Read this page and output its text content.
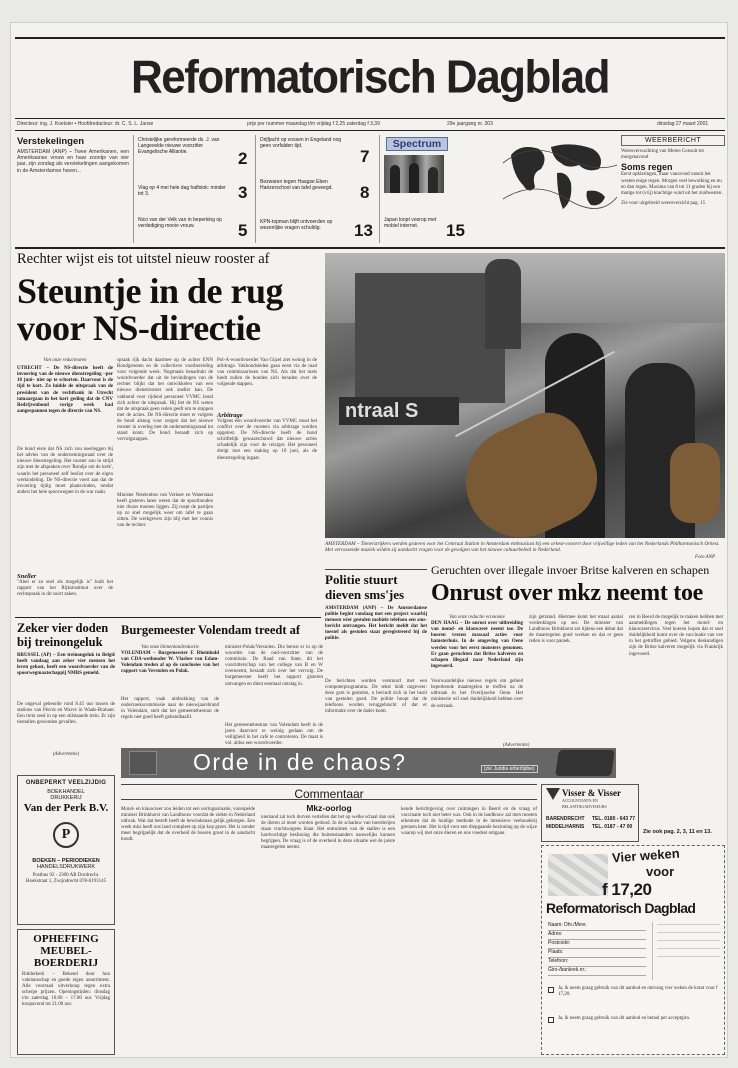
Reformatorisch Dagblad
Directeur: ing. J. Koetsier • Hoofdredacteur: dr. C. S. L. Janse	prijs per nummer maandag t/m vrijdag f 2,25 zaterdag f 3,39	29e jaargang nr. 303	dinsdag 27 maart 2001
Verstekelingen
AMSTERDAM (ANP) – Twee Amerikanen, een Amerikaanse vrouw en haar zoontje van vier jaar, zijn zondag als verstekelingen aangekomen in de Amsterdamse haven...
Christelijke gereformeerde ds. J. van Langevelde nieuwe voorzitter Evangelische Alliantie.	2
Vlag op 4 mei hele dag halfstok: minder tot 3.	3
Nico van der Velk van in beperking op verdediging mooie vrouw.	5
Drijfjacht op vossen in Engeland nog geen vorfalden tijd.
7
Bezwaren tegen Haagse Eben Haëzerschool van tafel geveegd.	8
KPN-topman blijft ontvoerden op wezenlijke vragen schuldig.	13
Spectrum
Japan loopt voorop met mobiel internet.	15
WEERBERICHT
Weersverwachting van Meteo Consult tot morgenavond
Soms regen
Eerst opklaringen, maar vanavond vanuit het westen enige regen. Morgen veel bewolking en nu en dan regen. Maxima van 8 tot 11 graden bij een matige tot (vrij) krachtige wind uit het zuidwesten.
Zie voor uitgebreid weeroverzicht pag. 15
Rechter wijst eis tot uitstel nieuw rooster af
Steuntje in de rug voor NS-directie
Van onze redacteuren
UTRECHT – De NS-directie heeft de invoering van de nieuwe dienstregeling –per 10 juni– niet op te schorten. Daarvoor is de tijd te kort. Zo luidde de uitspraak van de president van de rechtbank in Utrecht tamaargaan in het kort geding dat de CNV Bedrijvenbond vorige week had aangespannen tegen de directie van NS.
De bond eiste dat NS zich zou neerleggen bij het advies van de ondernemingsraad over de nieuwe dienstregeling. Het rooster zou in strijd zijn met de afspraken over 'Rondje om de kerk', waarin het personeel zelf beslist over de eigen werkindeling. De NS-directie voert aan dat de invoering tijdig moet plaatsvinden, omdat anders het hele spoorwegnet in de war raakt.
Sneller
"Abel er zo snel als mogelijk is" luidt het rapport van het Rijksinstituut over de rechtspraak in dit soort zaken.
spraak rijk dacht daarmee op de achter ENN Bondgenoten en de collectieve voorbereiding voor volgende week. Nogmaals benadrukt de woordvoerder dat uit de bevindingen van de rechter blijkt dat het ontwikkelen van een nieuwe dienstrooster ook sneller kan. De vakbond voor rijdend personeel VVMC bond zich achter de uitspraak. Hij liet de NS weten dat de uitspraak geen reden geeft om te stoppen met de acties. De NS-directie moet er volgens de bond alsnog voor zorgen dat het nieuwe rooster in overleg met de ondernemingsraad tot stand komt. De bond beraadt zich op vervolgstappen.
Minister Netelenbos van Verkeer en Waterstaat heeft gisteren laten weten dat de spoorbonden niet dwars moeten liggen. Zij roept de partijen op zo snel mogelijk weer om tafel te gaan zitten. De werkgevers zijn blij met het vonnis van de rechter.
Pol-A-woordvoerder Van Gijzel ziet weinig in de arbitrage. Vakbondsleden gaan eerst via de raad van commissarissen van NS. Als dat het niets biedt zullen de bonden zich beraden over de volgende stappen.
Arbitrage
Volgens een woordvoerder van VVMC moet het conflict over de roosters via arbitrage worden opgelost. De NS-directie heeft de bond schriftelijk gewaarschuwd dat nieuwe acties schadelijk zijn voor de reiziger. Het personeel dreigt met een staking op 10 juni, als de dienstregeling ingaat.
ntraal S
AMSTERDAM – Tienerstrijkers werden gisteren voor het Centraal Station in Amsterdam enthousiast bij een orkest-concert door vrijwillige leden van het Nederlands Philharmonisch Orkest. Met verrassende muziek wilden zij aandacht vragen voor de gevolgen van het nieuwe cultuurbeleid in Nederland.
Foto ANP
Politie stuurt dieven sms'jes
AMSTERDAM (ANP) – De Amsterdamse politie begint vandaag met een project waarbij mensen wier gestolen mobiele telefoon een sms-bericht ontvangen. Het bericht meldt dat het toestel als gestolen staat geregistreerd bij de politie.
De berichten worden verstuurd met een computerprogramma. De tekst luidt ongeveer: deze gsm is gestolen, u bevindt zich in het bezit van gestolen goed. De politie hoopt dat de telefoons worden teruggebracht of dat er informatie over de dader komt.
Geruchten over illegale invoer Britse kalveren en schapen
Onrust over mkz neemt toe
Van onze redactie economie
DEN HAAG – De onrust over uitbreiding van mond- en klauwzeer neemt toe. De boeren vrezen massaal acties voor hamsterhuis. In de omgeving van Oene werden voor het eerst monsters genomen. Er gaan geruchten dat Britse kalveren en schapen illegaal naar Nederland zijn ingevoerd.
Voorwaardelijke nieuwe regels om gebied beperkende maatregelen te treffen na de uitbraak in het Overijsselse Oene. Het ministerie wil snel duidelijkheid hebben over de oorzaak.
zijn getraind. Hiermee komt het totaal aantal verdenkingen op zes. De minister van Landbouw Brinkhorst zei tijdens een debat dat de maatregelen goed werken en dat er geen reden is voor paniek.
ren in Beerd de mogelijk te maken hebben met aanmeldingen tegen het mond- en klauwzeervirus. Veel boeren hopen dat er snel duidelijkheid komt over de vaccinatie van vee in het getroffen gebied. Volgens deskundigen zijn de Britse kalveren mogelijk via Frankrijk ingevoerd.
Zeker vier doden bij treinongeluk
BRUSSEL (AP) – Een treinongeluk in België heeft vandaag aan zeker vier mensen het leven gekost, heeft een woordvoerder van de spoorwegmaatschappij NMBS gemeld.
De ongeval gebeurde rond 8.45 uur tussen de stations van Pécrot en Wavre in Waals-Brabant. Een trein reed in op een stilstaande trein. Er zijn tientallen gewonden gevallen.
(Advertentie)
Burgemeester Volendam treedt af
Van onze binnenlandredactie
VOLENDAM – Burgemeester F. Rheinhold van CDA-wethouder W. Vlasbee van Edam-Volendam treden af op de conclusies van het rapport van Verstolen en Polak.
Het rapport, vaak uitdrukking van de onderzoekscommissie naar de nieuwjaarsbrand in Volendam, stelt dat het gemeentebestuur de regels niet goed heeft gehandhaafd.
minister-Polak/Verstolen. Die berust er in op de woorden van de oud-voorzitter van de commissie. De Raad van State, dit het voorzitterschap van het college van B en W overneemt, beraadt zich over het vervolg. De burgemeester heeft het rapport gisteren ontvangen en dient eenmaal ontslag in.
Het gemeentebestuur van Volendam heeft in de jaren daarvoor te weinig gedaan om de veiligheid in het café te controleren. De maat is vol, aldus een woordvoerder.	(Advertentie)
ONBEPERKT VEELZIJDIG
BOEKHANDEL
DRUKKERIJ
Van der Perk B.V.
P
BOEKEN – PERIODIEKEN
HANDELSDRUKWERK
Postbus 92 - 2300 AB Dordrecht. Hoekstraat 1, Zwijndrecht 078-6193145
OPHEFFING MEUBEL-BOERDERIJ
Ridderkerk – Bekend door hun vakmanschap en goede eigen assortiment. Alle voorraad uitverkoop tegen extra scherpe prijzen. Openingstijden: dinsdag t/m zaterdag 10.00 – 17.00 uur. Vrijdag koopavond tot 21.00 uur.
Orde in de chaos?	(zie Juridia erbertijdse)
Commentaar
Mkz-oorlog
Mond- en klauwzeer zou leiden tot een oorlogssituatie, voorspelde minister Brinkhorst van Landbouw voordat de ziekte in Nederland uitbrak. Wat dat betreft heeft de bewindsman gelijk gekregen. Een week mkz heeft ons land compleet op zijn kop gezet. Het is zonder meer begrijpelijk dat de overheid de boeren groot in de aandacht houdt.
niemand zal toch durven vertellen dat het op welke schaal dan ook de dieren al moet worden gedood. In de schaduw van boerderijen staan vrachtwagens klaar. Het ontruimen van de stallen is een hardvochtige beslissing die buitenstaanders nauwelijks kunnen begrijpen. De vraag is of de overheid in deze situatie wel de juiste maatregelen neemt.
kende berichtgeving over ruimingen in Beerd en de vraag of vaccinatie toch niet beter was. Ook in de landbouw zal men moeten erkennen dat de huidige methode in de intensieve veehouderij grenzen kent. Het is tijd voor een diepgaande bezinning op de wijze waarop wij met onze dieren en ons voedsel omgaan.
Visser & Visser
ACCOUNTANTS EN BELASTINGADVISEURS
BARENDRECHT	TEL. 0180 - 643 77
MIDDELHARNIS	TEL. 0187 - 47 00
Zie ook pag. 2, 3, 11 en 13.
Vier weken
voor
f 17,20
Reformatorisch Dagblad
Naam: Dhr./Mevr.
Adres:
Postcode:
Plaats:
Telefoon:
Giro-/bankrek.nr.:
Ja, ik neem graag gebruik van dit aanbod en ontvang vier weken de krant voor f 17,20.
Ja, ik neem graag gebruik van dit aanbod en betaal per acceptgiro.
